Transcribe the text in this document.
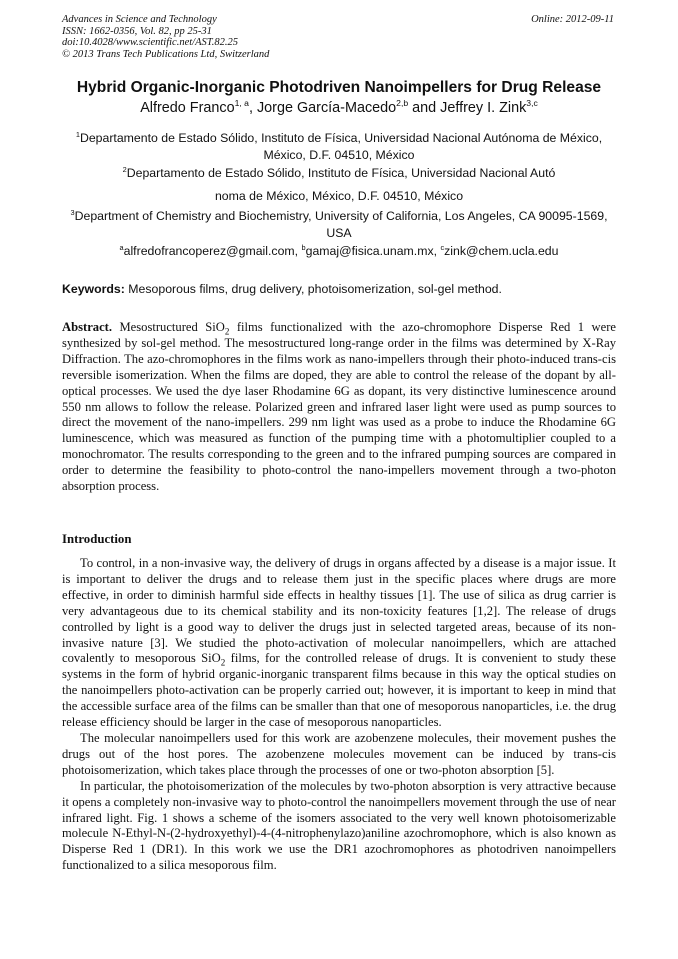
Advances in Science and Technology
ISSN: 1662-0356, Vol. 82, pp 25-31
doi:10.4028/www.scientific.net/AST.82.25
© 2013 Trans Tech Publications Ltd, Switzerland
Online: 2012-09-11
Hybrid Organic-Inorganic Photodriven Nanoimpellers for Drug Release
Alfredo Franco$^{1, a}$, Jorge García-Macedo$^{2,b}$ and Jeffrey I. Zink$^{3,c}$
$^1$Departamento de Estado Sólido, Instituto de Física, Universidad Nacional Autónoma de México, México, D.F. 04510, México
$^2$Departamento de Estado Sólido, Instituto de Física, Universidad Nacional Autó
noma de México, México, D.F. 04510, México
$^3$Department of Chemistry and Biochemistry, University of California, Los Angeles, CA 90095-1569, USA
$^a$alfredofrancoperez@gmail.com, $^b$gamaj@fisica.unam.mx, $^c$zink@chem.ucla.edu
Keywords: Mesoporous films, drug delivery, photoisomerization, sol-gel method.
Abstract. Mesostructured SiO$_2$ films functionalized with the azo-chromophore Disperse Red 1 were synthesized by sol-gel method. The mesostructured long-range order in the films was determined by X-Ray Diffraction. The azo-chromophores in the films work as nano-impellers through their photo-induced trans-cis reversible isomerization. When the films are doped, they are able to control the release of the dopant by all-optical processes. We used the dye laser Rhodamine 6G as dopant, its very distinctive luminescence around 550 nm allows to follow the release. Polarized green and infrared laser light were used as pump sources to direct the movement of the nano-impellers. 299 nm light was used as a probe to induce the Rhodamine 6G luminescence, which was measured as function of the pumping time with a photomultiplier coupled to a monochromator. The results corresponding to the green and to the infrared pumping sources are compared in order to determine the feasibility to photo-control the nano-impellers movement through a two-photon absorption process.
Introduction

To control, in a non-invasive way, the delivery of drugs in organs affected by a disease is a major issue. It is important to deliver the drugs and to release them just in the specific places where drugs are more effective, in order to diminish harmful side effects in healthy tissues [1]. The use of silica as drug carrier is very advantageous due to its chemical stability and its non-toxicity features [1,2]. The release of drugs controlled by light is a good way to deliver the drugs just in selected targeted areas, because of its non-invasive nature [3]. We studied the photo-activation of molecular nanoimpellers, which are attached covalently to mesoporous SiO$_2$ films, for the controlled release of drugs. It is convenient to study these systems in the form of hybrid organic-inorganic transparent films because in this way the optical studies on the nanoimpellers photo-activation can be properly carried out; however, it is important to keep in mind that the accessible surface area of the films can be smaller than that one of mesoporous nanoparticles, i.e. the drug release efficiency should be larger in the case of mesoporous nanoparticles.

The molecular nanoimpellers used for this work are azobenzene molecules, their movement pushes the drugs out of the host pores. The azobenzene molecules movement can be induced by trans-cis photoisomerization, which takes place through the processes of one or two-photon absorption [5].

In particular, the photoisomerization of the molecules by two-photon absorption is very attractive because it opens a completely non-invasive way to photo-control the nanoimpellers movement through the use of near infrared light. Fig. 1 shows a scheme of the isomers associated to the very well known photoisomerizable molecule N-Ethyl-N-(2-hydroxyethyl)-4-(4-nitrophenylazo)aniline azochromophore, which is also known as Disperse Red 1 (DR1). In this work we use the DR1 azochromophores as photodriven nanoimpellers functionalized to a silica mesoporous film.
